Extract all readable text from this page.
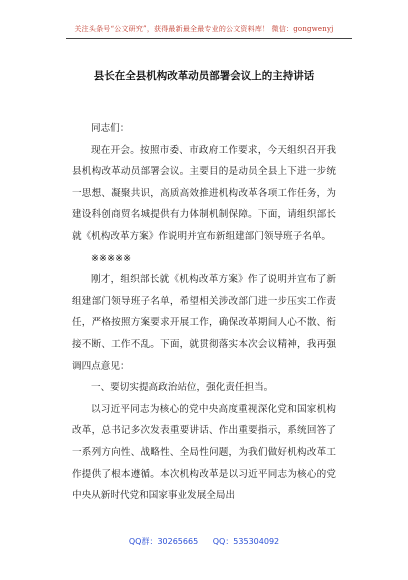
关注头条号“公文研究”，获得最新最全最专业的公文资料库！ 微信：gongwenyj
县长在全县机构改革动员部署会议上的主持讲话

同志们：

现在开会。按照市委、市政府工作要求，今天组织召开我县机构改革动员部署会议。主要目的是动员全县上下进一步统一思想、凝聚共识，高质高效推进机构改革各项工作任务，为建设科创商贸名城提供有力体制机制保障。下面，请组织部长就《机构改革方案》作说明并宣布新组建部门领导班子名单。

※※※※※

刚才，组织部长就《机构改革方案》作了说明并宣布了新组建部门领导班子名单，希望相关涉改部门进一步压实工作责任，严格按照方案要求开展工作，确保改革期间人心不散、衔接不断、工作不乱。下面，就贯彻落实本次会议精神，我再强调四点意见：

一、要切实提高政治站位，强化责任担当。

以习近平同志为核心的党中央高度重视深化党和国家机构改革，总书记多次发表重要讲话、作出重要指示，系统回答了一系列方向性、战略性、全局性问题，为我们做好机构改革工作提供了根本遵循。本次机构改革是以习近平同志为核心的党中央从新时代党和国家事业发展全局出

QQ群：30265665 QQ：535304092
